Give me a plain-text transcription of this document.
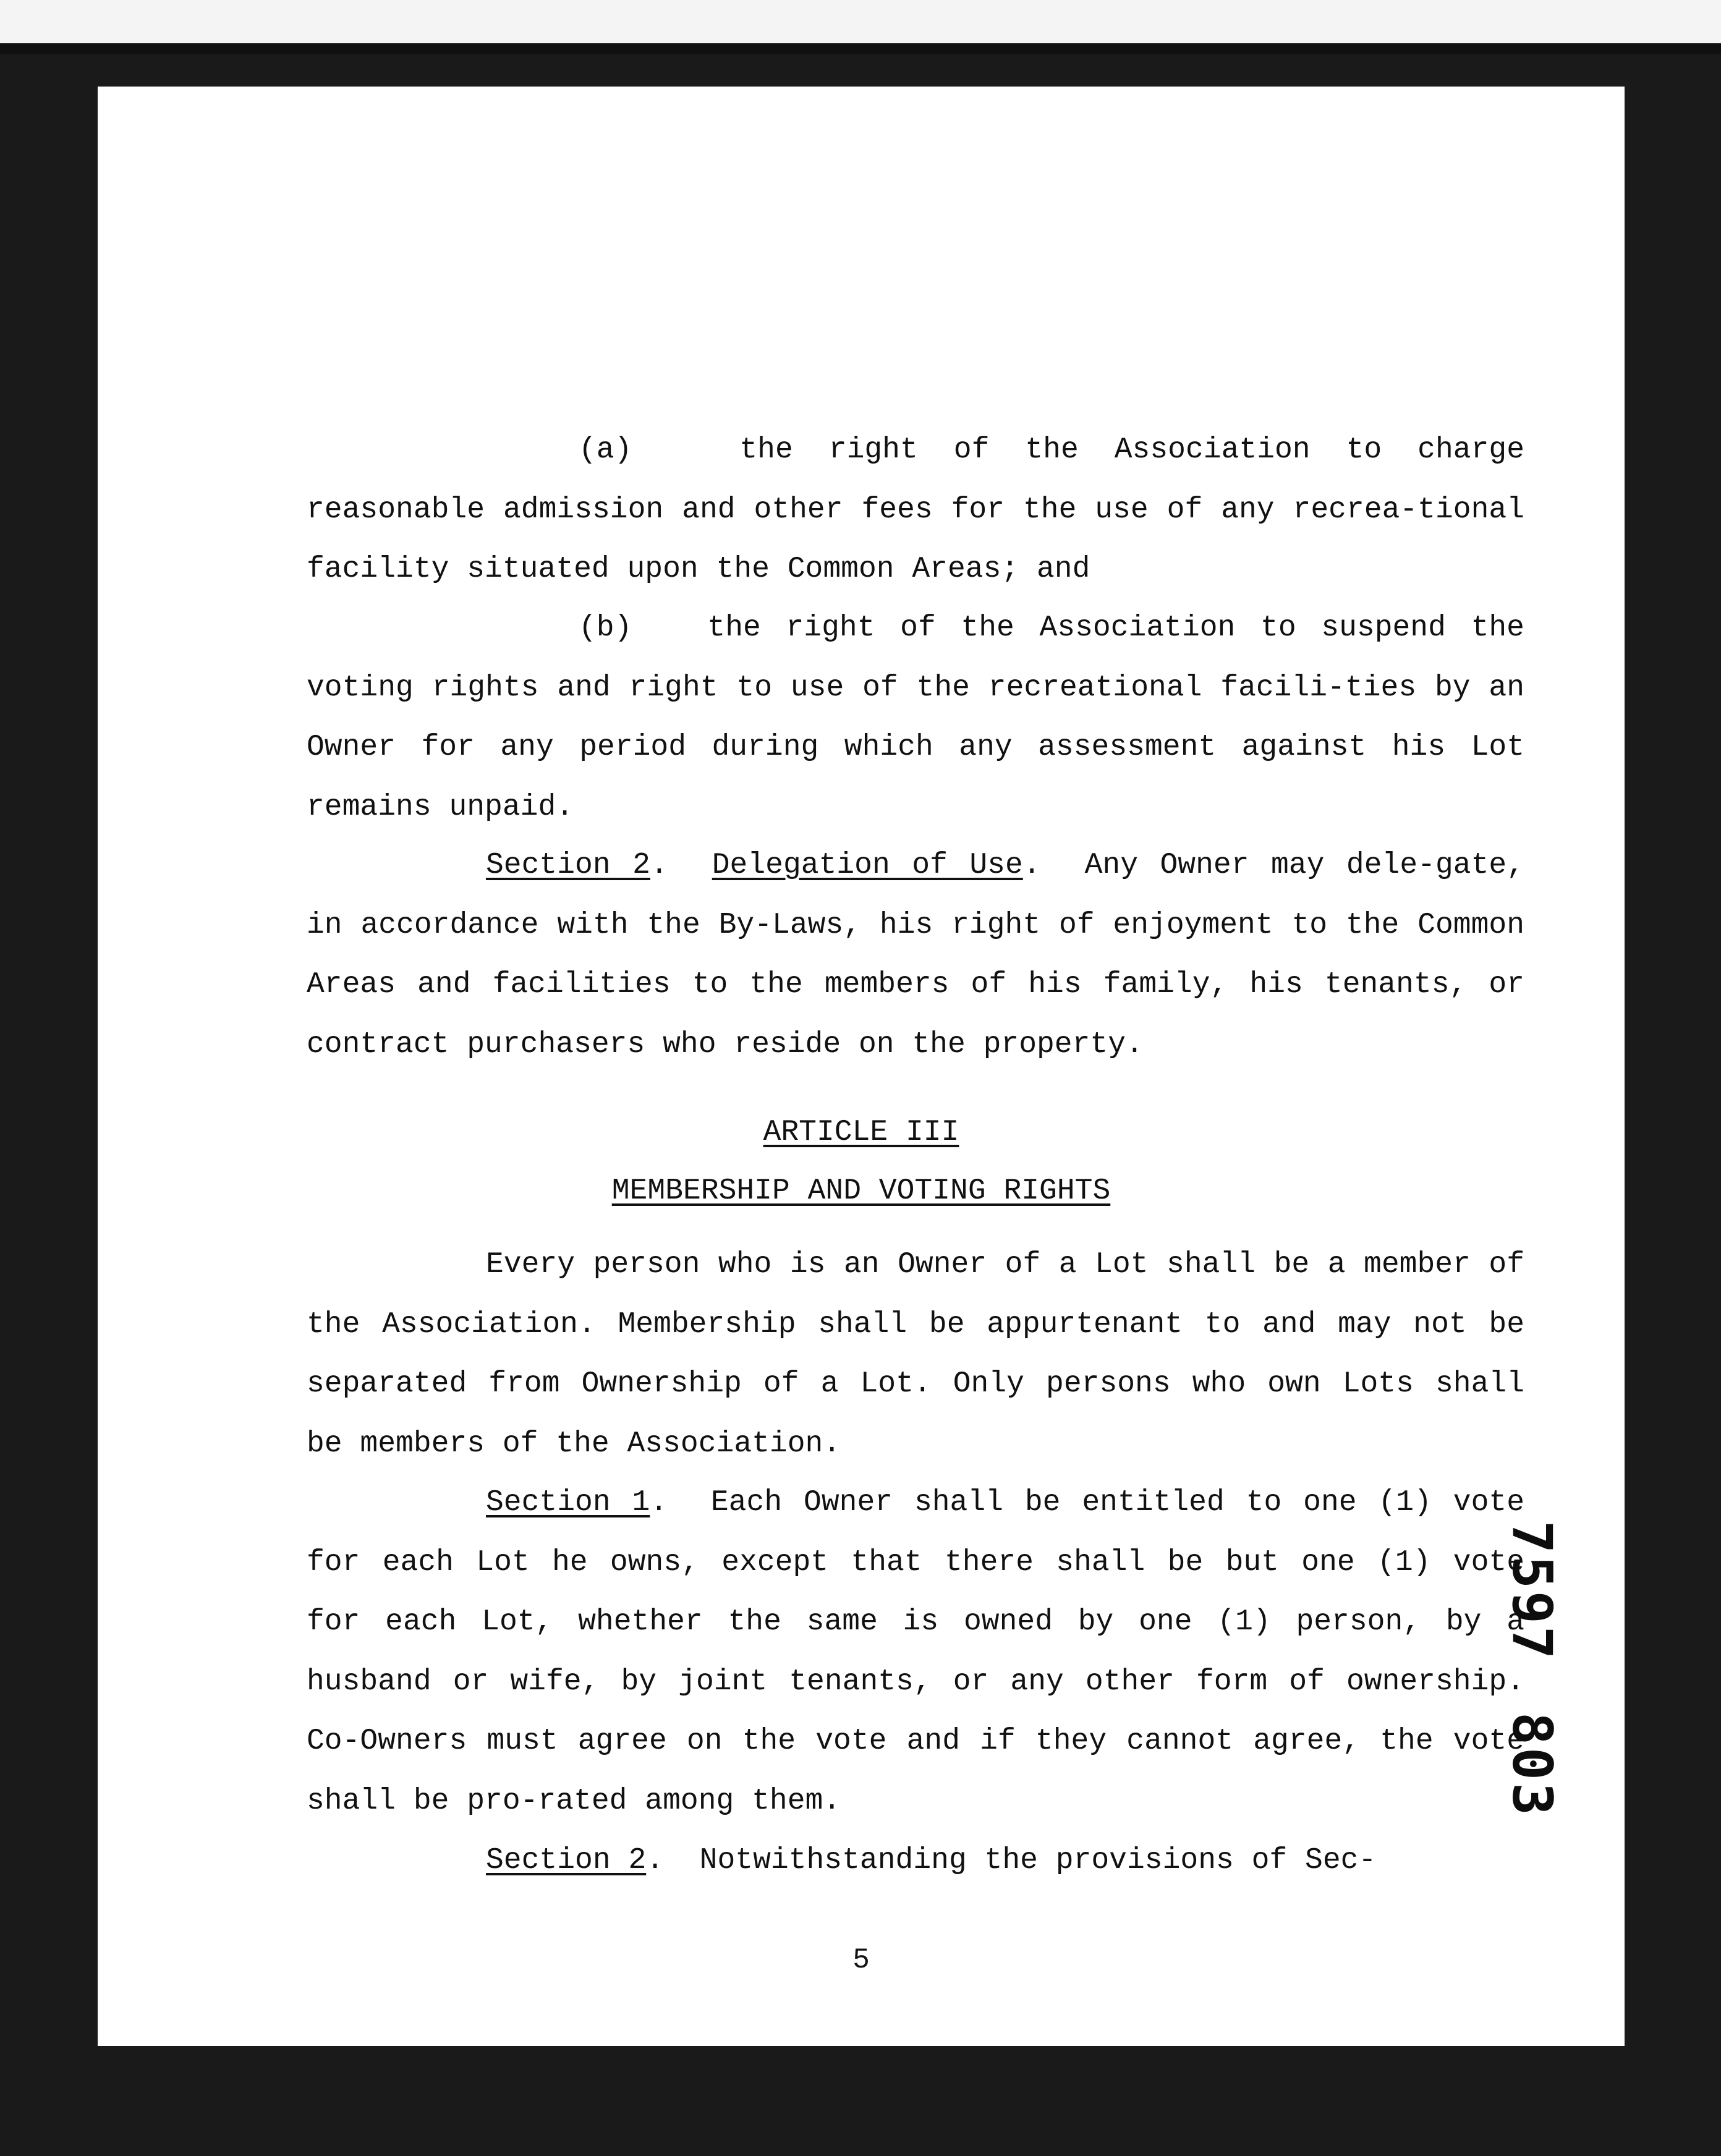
(a)	the right of the Association to charge reasonable admission and other fees for the use of any recrea-tional facility situated upon the Common Areas; and

(b)	the right of the Association to suspend the voting rights and right to use of the recreational facili-ties by an Owner for any period during which any assessment against his Lot remains unpaid.

Section 2.  Delegation of Use.  Any Owner may dele-gate, in accordance with the By-Laws, his right of enjoyment to the Common Areas and facilities to the members of his family, his tenants, or contract purchasers who reside on the property.

ARTICLE III
MEMBERSHIP AND VOTING RIGHTS

Every person who is an Owner of a Lot shall be a member of the Association. Membership shall be appurtenant to and may not be separated from Ownership of a Lot. Only persons who own Lots shall be members of the Association.

Section 1.  Each Owner shall be entitled to one (1) vote for each Lot he owns, except that there shall be but one (1) vote for each Lot, whether the same is owned by one (1) person, by a husband or wife, by joint tenants, or any other form of ownership. Co-Owners must agree on the vote and if they cannot agree, the vote shall be pro-rated among them.

Section 2.  Notwithstanding the provisions of Sec-

5
7597
803
